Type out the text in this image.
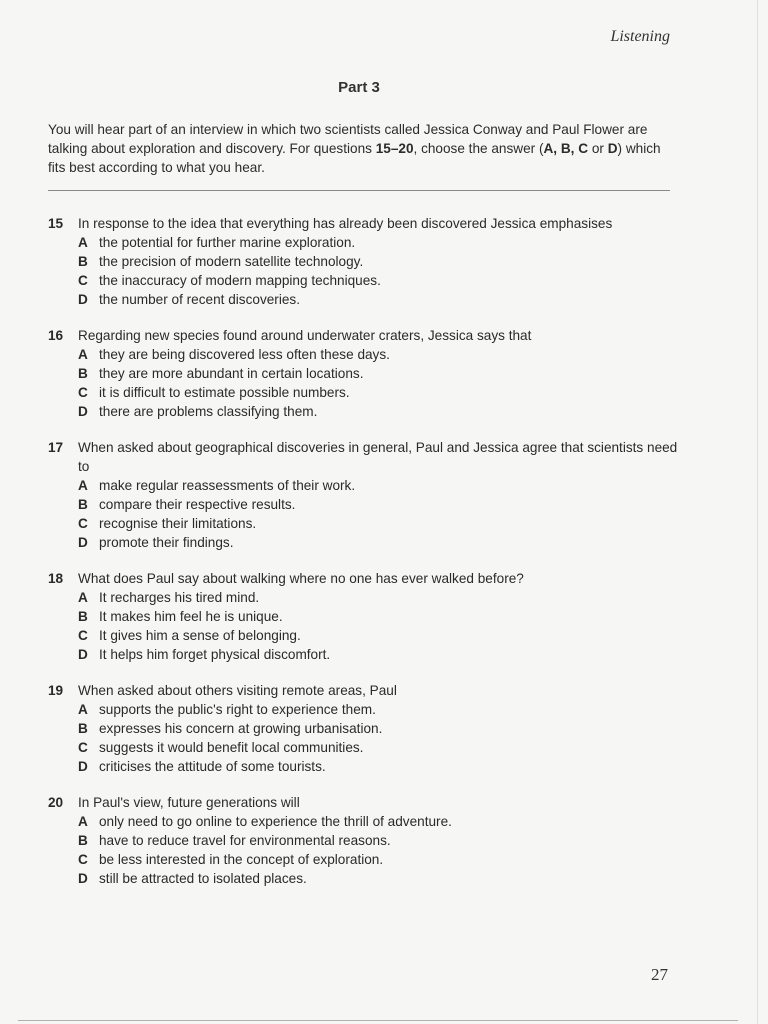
Listening
Part 3
You will hear part of an interview in which two scientists called Jessica Conway and Paul Flower are talking about exploration and discovery. For questions 15–20, choose the answer (A, B, C or D) which fits best according to what you hear.
15	In response to the idea that everything has already been discovered Jessica emphasises
A the potential for further marine exploration.
B the precision of modern satellite technology.
C the inaccuracy of modern mapping techniques.
D the number of recent discoveries.
16	Regarding new species found around underwater craters, Jessica says that
A they are being discovered less often these days.
B they are more abundant in certain locations.
C it is difficult to estimate possible numbers.
D there are problems classifying them.
17	When asked about geographical discoveries in general, Paul and Jessica agree that scientists need to
A make regular reassessments of their work.
B compare their respective results.
C recognise their limitations.
D promote their findings.
18	What does Paul say about walking where no one has ever walked before?
A It recharges his tired mind.
B It makes him feel he is unique.
C It gives him a sense of belonging.
D It helps him forget physical discomfort.
19	When asked about others visiting remote areas, Paul
A supports the public's right to experience them.
B expresses his concern at growing urbanisation.
C suggests it would benefit local communities.
D criticises the attitude of some tourists.
20	In Paul's view, future generations will
A only need to go online to experience the thrill of adventure.
B have to reduce travel for environmental reasons.
C be less interested in the concept of exploration.
D still be attracted to isolated places.
27
